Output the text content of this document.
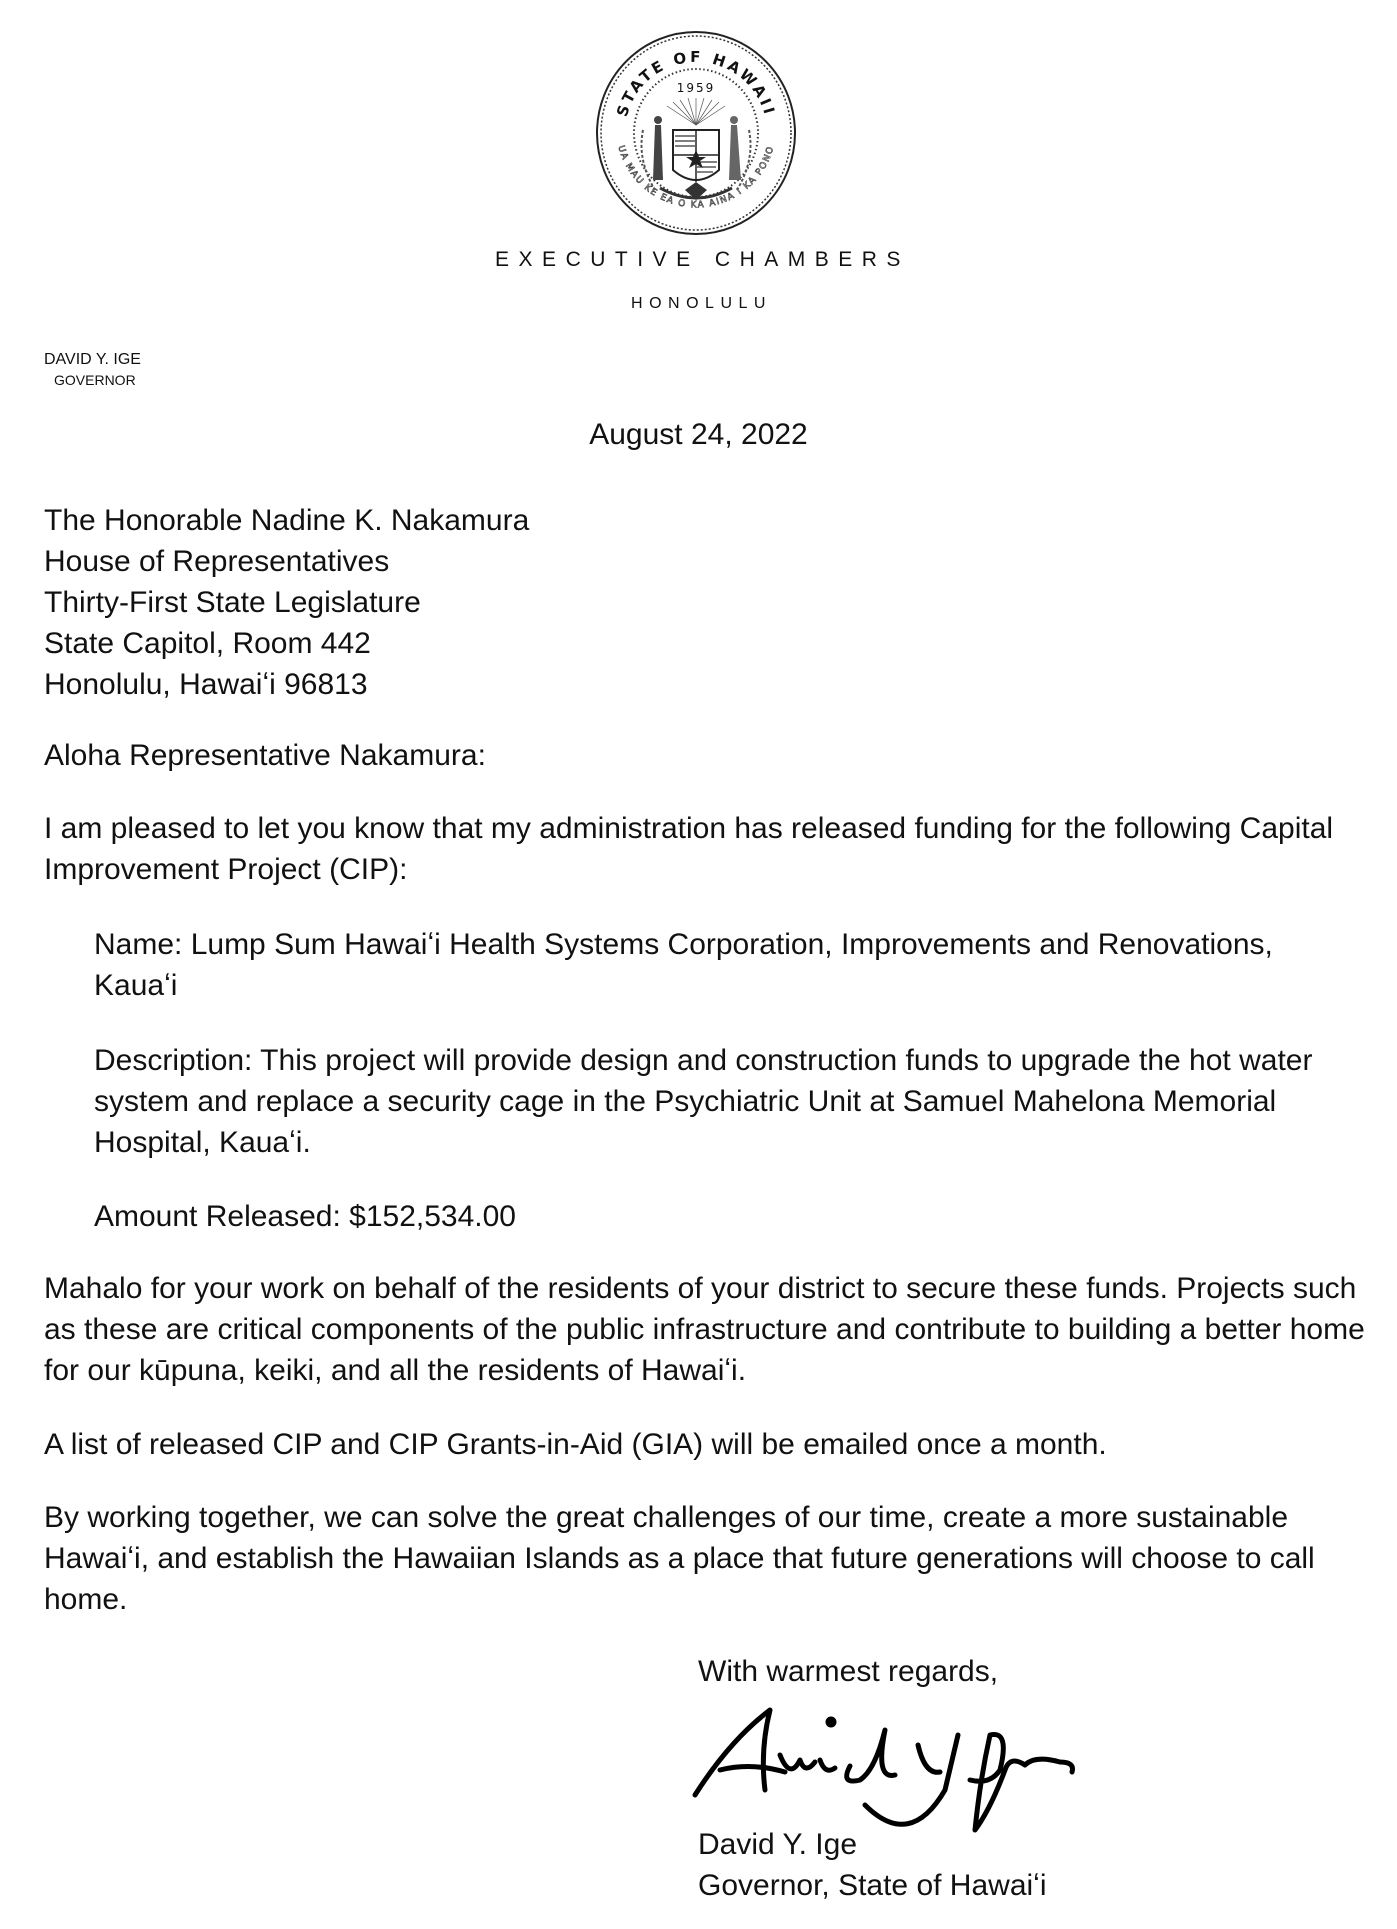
STATE OF HAWAII
1959
UA MAU KE EA O KA AINA I KA PONO
EXECUTIVE CHAMBERS
HONOLULU
DAVID Y. IGE
GOVERNOR
August 24, 2022
The Honorable Nadine K. Nakamura
House of Representatives
Thirty-First State Legislature
State Capitol, Room 442
Honolulu, Hawaiʻi 96813
Aloha Representative Nakamura:
I am pleased to let you know that my administration has released funding for the following Capital Improvement Project (CIP):
Name: Lump Sum Hawaiʻi Health Systems Corporation, Improvements and Renovations, Kauaʻi
Description: This project will provide design and construction funds to upgrade the hot water system and replace a security cage in the Psychiatric Unit at Samuel Mahelona Memorial Hospital, Kauaʻi.
Amount Released: $152,534.00
Mahalo for your work on behalf of the residents of your district to secure these funds. Projects such as these are critical components of the public infrastructure and contribute to building a better home for our kūpuna, keiki, and all the residents of Hawaiʻi.
A list of released CIP and CIP Grants-in-Aid (GIA) will be emailed once a month.
By working together, we can solve the great challenges of our time, create a more sustainable Hawaiʻi, and establish the Hawaiian Islands as a place that future generations will choose to call home.
With warmest regards,
David Y. Ige
Governor, State of Hawaiʻi
